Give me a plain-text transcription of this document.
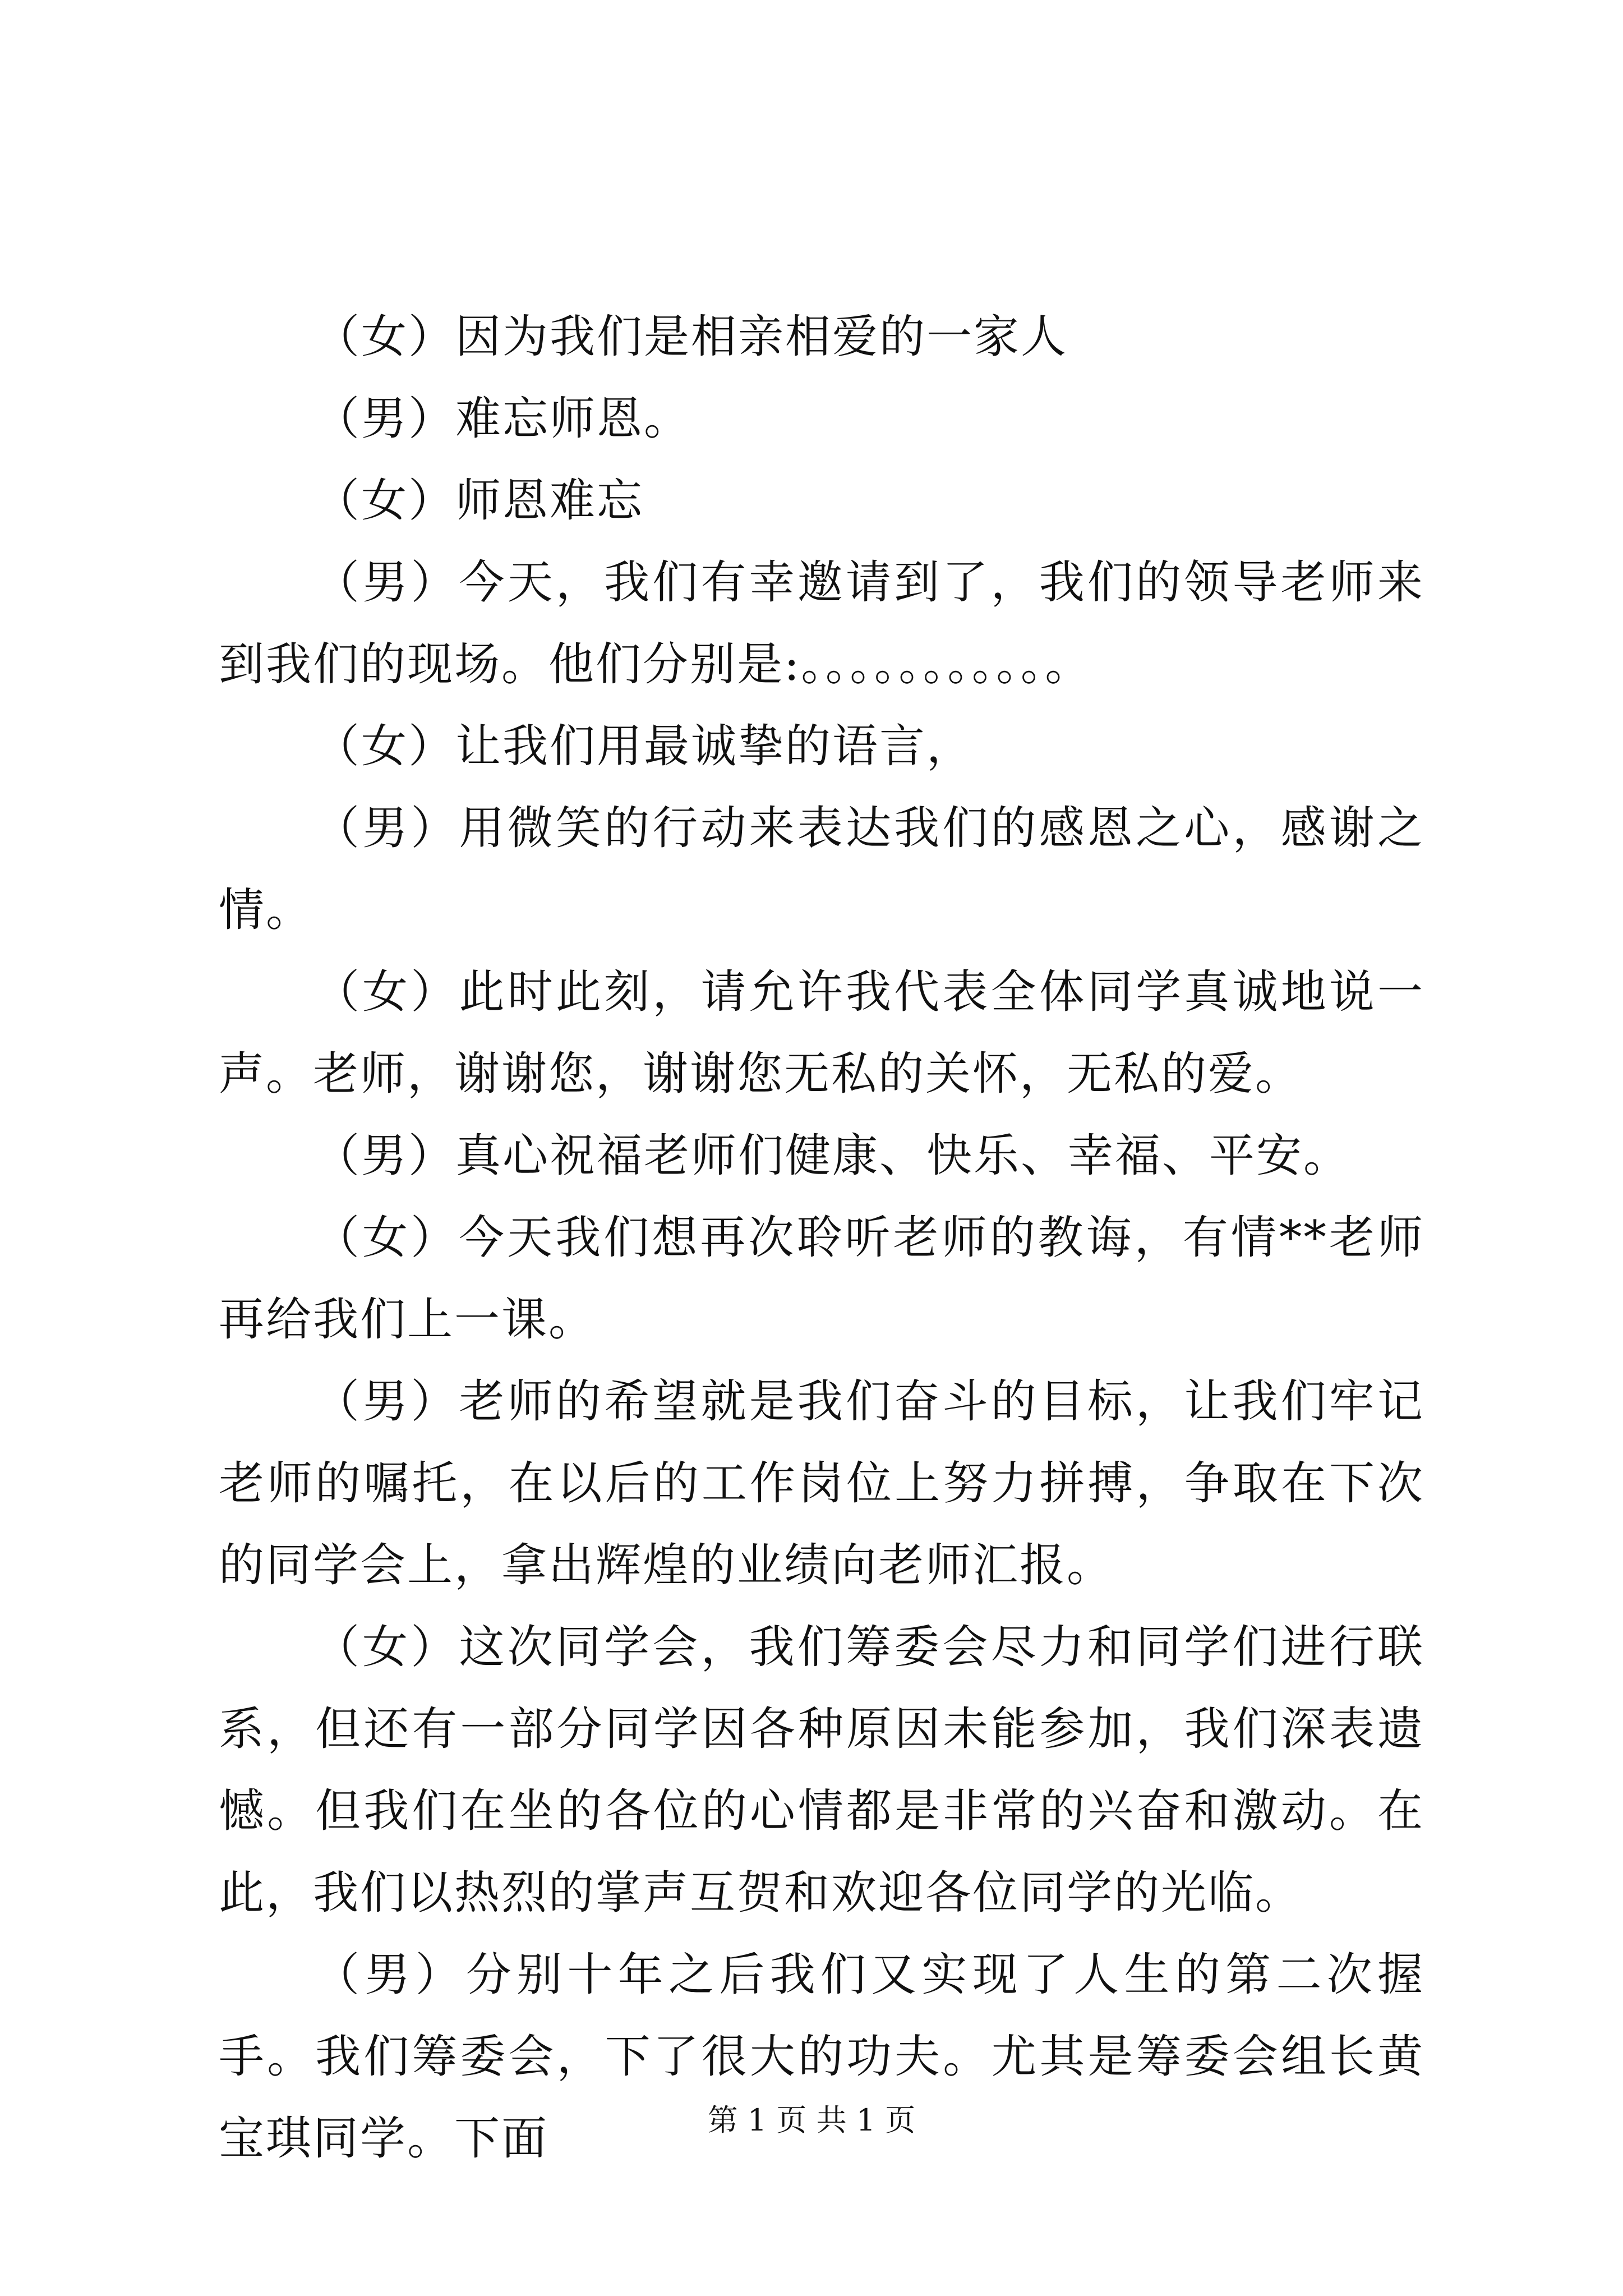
（女）因为我们是相亲相爱的一家人

（男）难忘师恩。

（女）师恩难忘

（男）今天，我们有幸邀请到了，我们的领导老师来到我们的现场。他们分别是:。。。。。。。。。。。

（女）让我们用最诚挚的语言，

（男）用微笑的行动来表达我们的感恩之心，感谢之情。

（女）此时此刻，请允许我代表全体同学真诚地说一声。老师，谢谢您，谢谢您无私的关怀，无私的爱。

（男）真心祝福老师们健康、快乐、幸福、平安。

（女）今天我们想再次聆听老师的教诲，有情**老师再给我们上一课。

（男）老师的希望就是我们奋斗的目标，让我们牢记老师的嘱托，在以后的工作岗位上努力拼搏，争取在下次的同学会上，拿出辉煌的业绩向老师汇报。

（女）这次同学会，我们筹委会尽力和同学们进行联系，但还有一部分同学因各种原因未能参加，我们深表遗憾。但我们在坐的各位的心情都是非常的兴奋和激动。在此，我们以热烈的掌声互贺和欢迎各位同学的光临。

（男）分别十年之后我们又实现了人生的第二次握手。我们筹委会，下了很大的功夫。尤其是筹委会组长黄宝琪同学。下面	第 1 页 共 1 页
